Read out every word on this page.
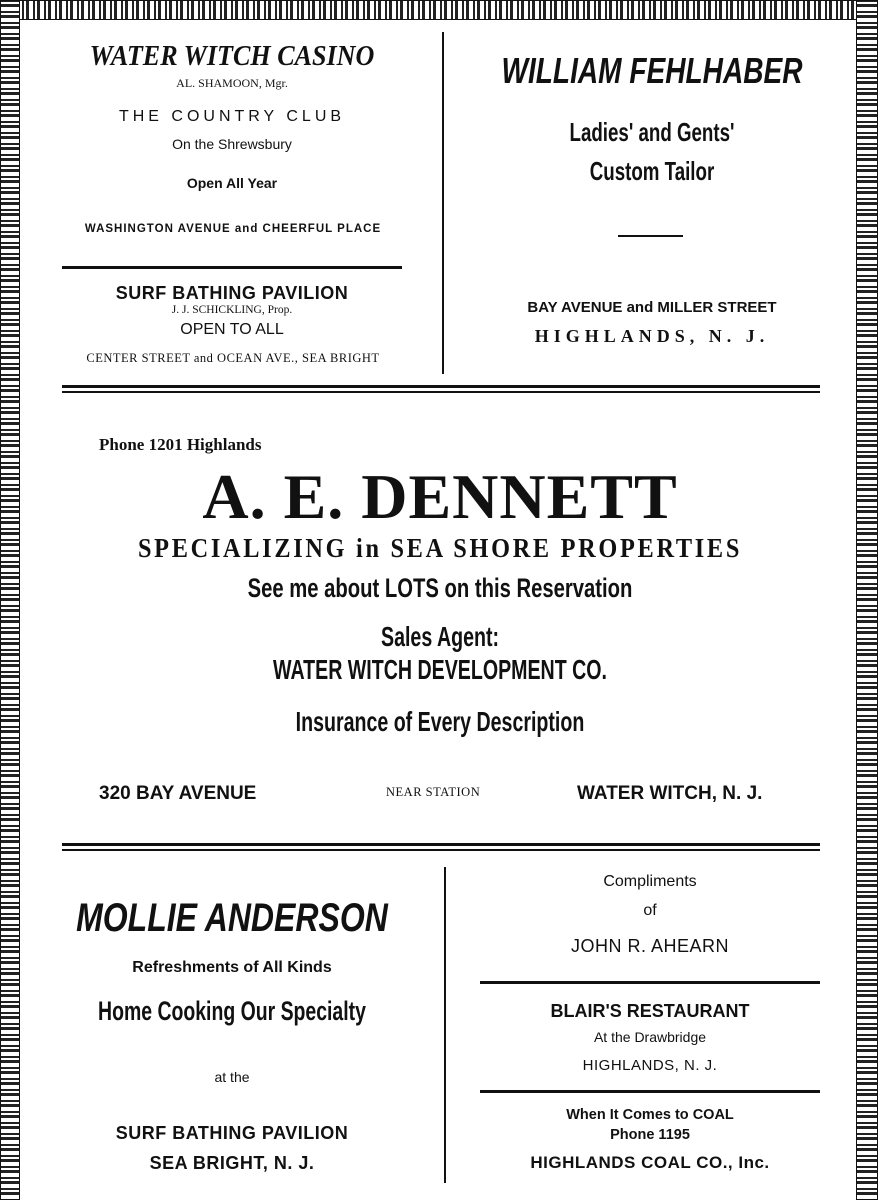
WATER WITCH CASINO
AL. SHAMOON, Mgr.
THE COUNTRY CLUB
On the Shrewsbury
Open All Year
WASHINGTON AVENUE and CHEERFUL PLACE
SURF BATHING PAVILION
J. J. SCHICKLING, Prop.
OPEN TO ALL
CENTER STREET and OCEAN AVE., SEA BRIGHT
WILLIAM FEHLHABER
Ladies' and Gents'
Custom Tailor
BAY AVENUE and MILLER STREET
HIGHLANDS, N. J.
Phone 1201 Highlands
A. E. DENNETT
SPECIALIZING in SEA SHORE PROPERTIES
See me about LOTS on this Reservation
Sales Agent:
WATER WITCH DEVELOPMENT CO.
Insurance of Every Description
320 BAY AVENUE	NEAR STATION	WATER WITCH, N. J.
MOLLIE ANDERSON
Refreshments of All Kinds
Home Cooking Our Specialty
at the
SURF BATHING PAVILION
SEA BRIGHT, N. J.
Compliments
of
JOHN R. AHEARN
BLAIR'S RESTAURANT
At the Drawbridge
HIGHLANDS, N. J.
When It Comes to COAL
Phone 1195
HIGHLANDS COAL CO., Inc.
